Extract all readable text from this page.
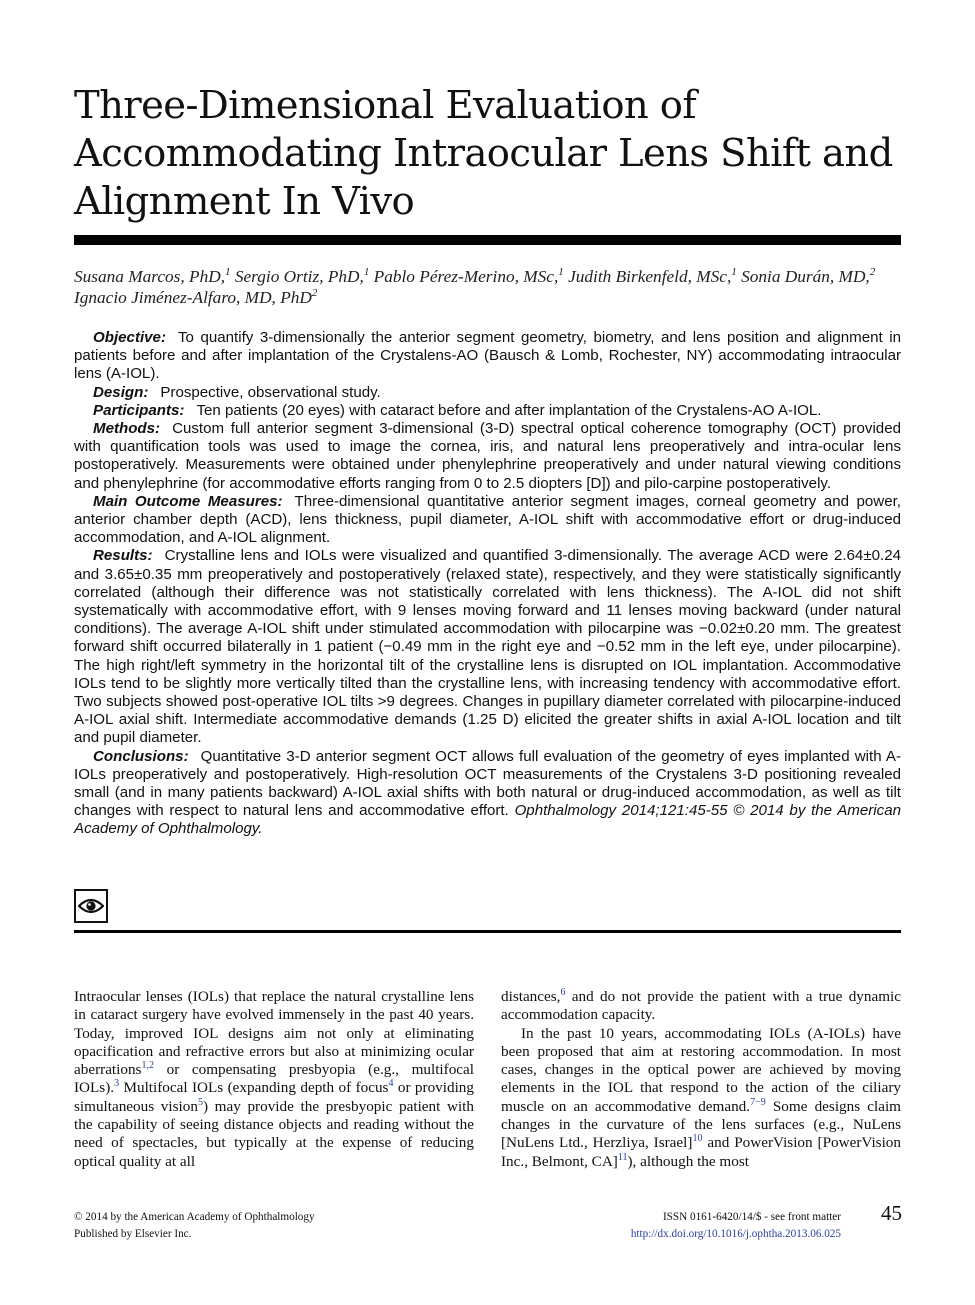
Three-Dimensional Evaluation of
Accommodating Intraocular Lens Shift and
Alignment In Vivo
Susana Marcos, PhD,$^1$ Sergio Ortiz, PhD,$^1$ Pablo Pérez-Merino, MSc,$^1$ Judith Birkenfeld, MSc,$^1$ Sonia Durán, MD,$^2$
Ignacio Jiménez-Alfaro, MD, PhD$^2$

Objective: To quantify 3-dimensionally the anterior segment geometry, biometry, and lens position and alignment in patients before and after implantation of the Crystalens-AO (Bausch & Lomb, Rochester, NY) accommodating intraocular lens (A-IOL).

Design: Prospective, observational study.

Participants: Ten patients (20 eyes) with cataract before and after implantation of the Crystalens-AO A-IOL.

Methods: Custom full anterior segment 3-dimensional (3-D) spectral optical coherence tomography (OCT) provided with quantification tools was used to image the cornea, iris, and natural lens preoperatively and intra-ocular lens postoperatively. Measurements were obtained under phenylephrine preoperatively and under natural viewing conditions and phenylephrine (for accommodative efforts ranging from 0 to 2.5 diopters [D]) and pilo-carpine postoperatively.

Main Outcome Measures: Three-dimensional quantitative anterior segment images, corneal geometry and power, anterior chamber depth (ACD), lens thickness, pupil diameter, A-IOL shift with accommodative effort or drug-induced accommodation, and A-IOL alignment.

Results: Crystalline lens and IOLs were visualized and quantified 3-dimensionally. The average ACD were 2.64±0.24 and 3.65±0.35 mm preoperatively and postoperatively (relaxed state), respectively, and they were statistically significantly correlated (although their difference was not statistically correlated with lens thickness). The A-IOL did not shift systematically with accommodative effort, with 9 lenses moving forward and 11 lenses moving backward (under natural conditions). The average A-IOL shift under stimulated accommodation with pilocarpine was −0.02±0.20 mm. The greatest forward shift occurred bilaterally in 1 patient (−0.49 mm in the right eye and −0.52 mm in the left eye, under pilocarpine). The high right/left symmetry in the horizontal tilt of the crystalline lens is disrupted on IOL implantation. Accommodative IOLs tend to be slightly more vertically tilted than the crystalline lens, with increasing tendency with accommodative effort. Two subjects showed post-operative IOL tilts >9 degrees. Changes in pupillary diameter correlated with pilocarpine-induced A-IOL axial shift. Intermediate accommodative demands (1.25 D) elicited the greater shifts in axial A-IOL location and tilt and pupil diameter.

Conclusions: Quantitative 3-D anterior segment OCT allows full evaluation of the geometry of eyes implanted with A-IOLs preoperatively and postoperatively. High-resolution OCT measurements of the Crystalens 3-D positioning revealed small (and in many patients backward) A-IOL axial shifts with both natural or drug-induced accommodation, as well as tilt changes with respect to natural lens and accommodative effort. Ophthalmology 2014;121:45-55 © 2014 by the American Academy of Ophthalmology.

Intraocular lenses (IOLs) that replace the natural crystalline lens in cataract surgery have evolved immensely in the past 40 years. Today, improved IOL designs aim not only at eliminating opacification and refractive errors but also at minimizing ocular aberrations$^{1,2}$ or compensating presbyopia (e.g., multifocal IOLs).$^3$ Multifocal IOLs (expanding depth of focus$^4$ or providing simultaneous vision$^5$) may provide the presbyopic patient with the capability of seeing distance objects and reading without the need of spectacles, but typically at the expense of reducing optical quality at all

distances,$^6$ and do not provide the patient with a true dynamic accommodation capacity.

In the past 10 years, accommodating IOLs (A-IOLs) have been proposed that aim at restoring accommodation. In most cases, changes in the optical power are achieved by moving elements in the IOL that respond to the action of the ciliary muscle on an accommodative demand.$^{7-9}$ Some designs claim changes in the curvature of the lens surfaces (e.g., NuLens [NuLens Ltd., Herzliya, Israel]$^{10}$ and PowerVision [PowerVision Inc., Belmont, CA]$^{11}$), although the most

© 2014 by the American Academy of Ophthalmology
Published by Elsevier Inc.
ISSN 0161-6420/14/$ - see front matter
http://dx.doi.org/10.1016/j.ophtha.2013.06.025
45
